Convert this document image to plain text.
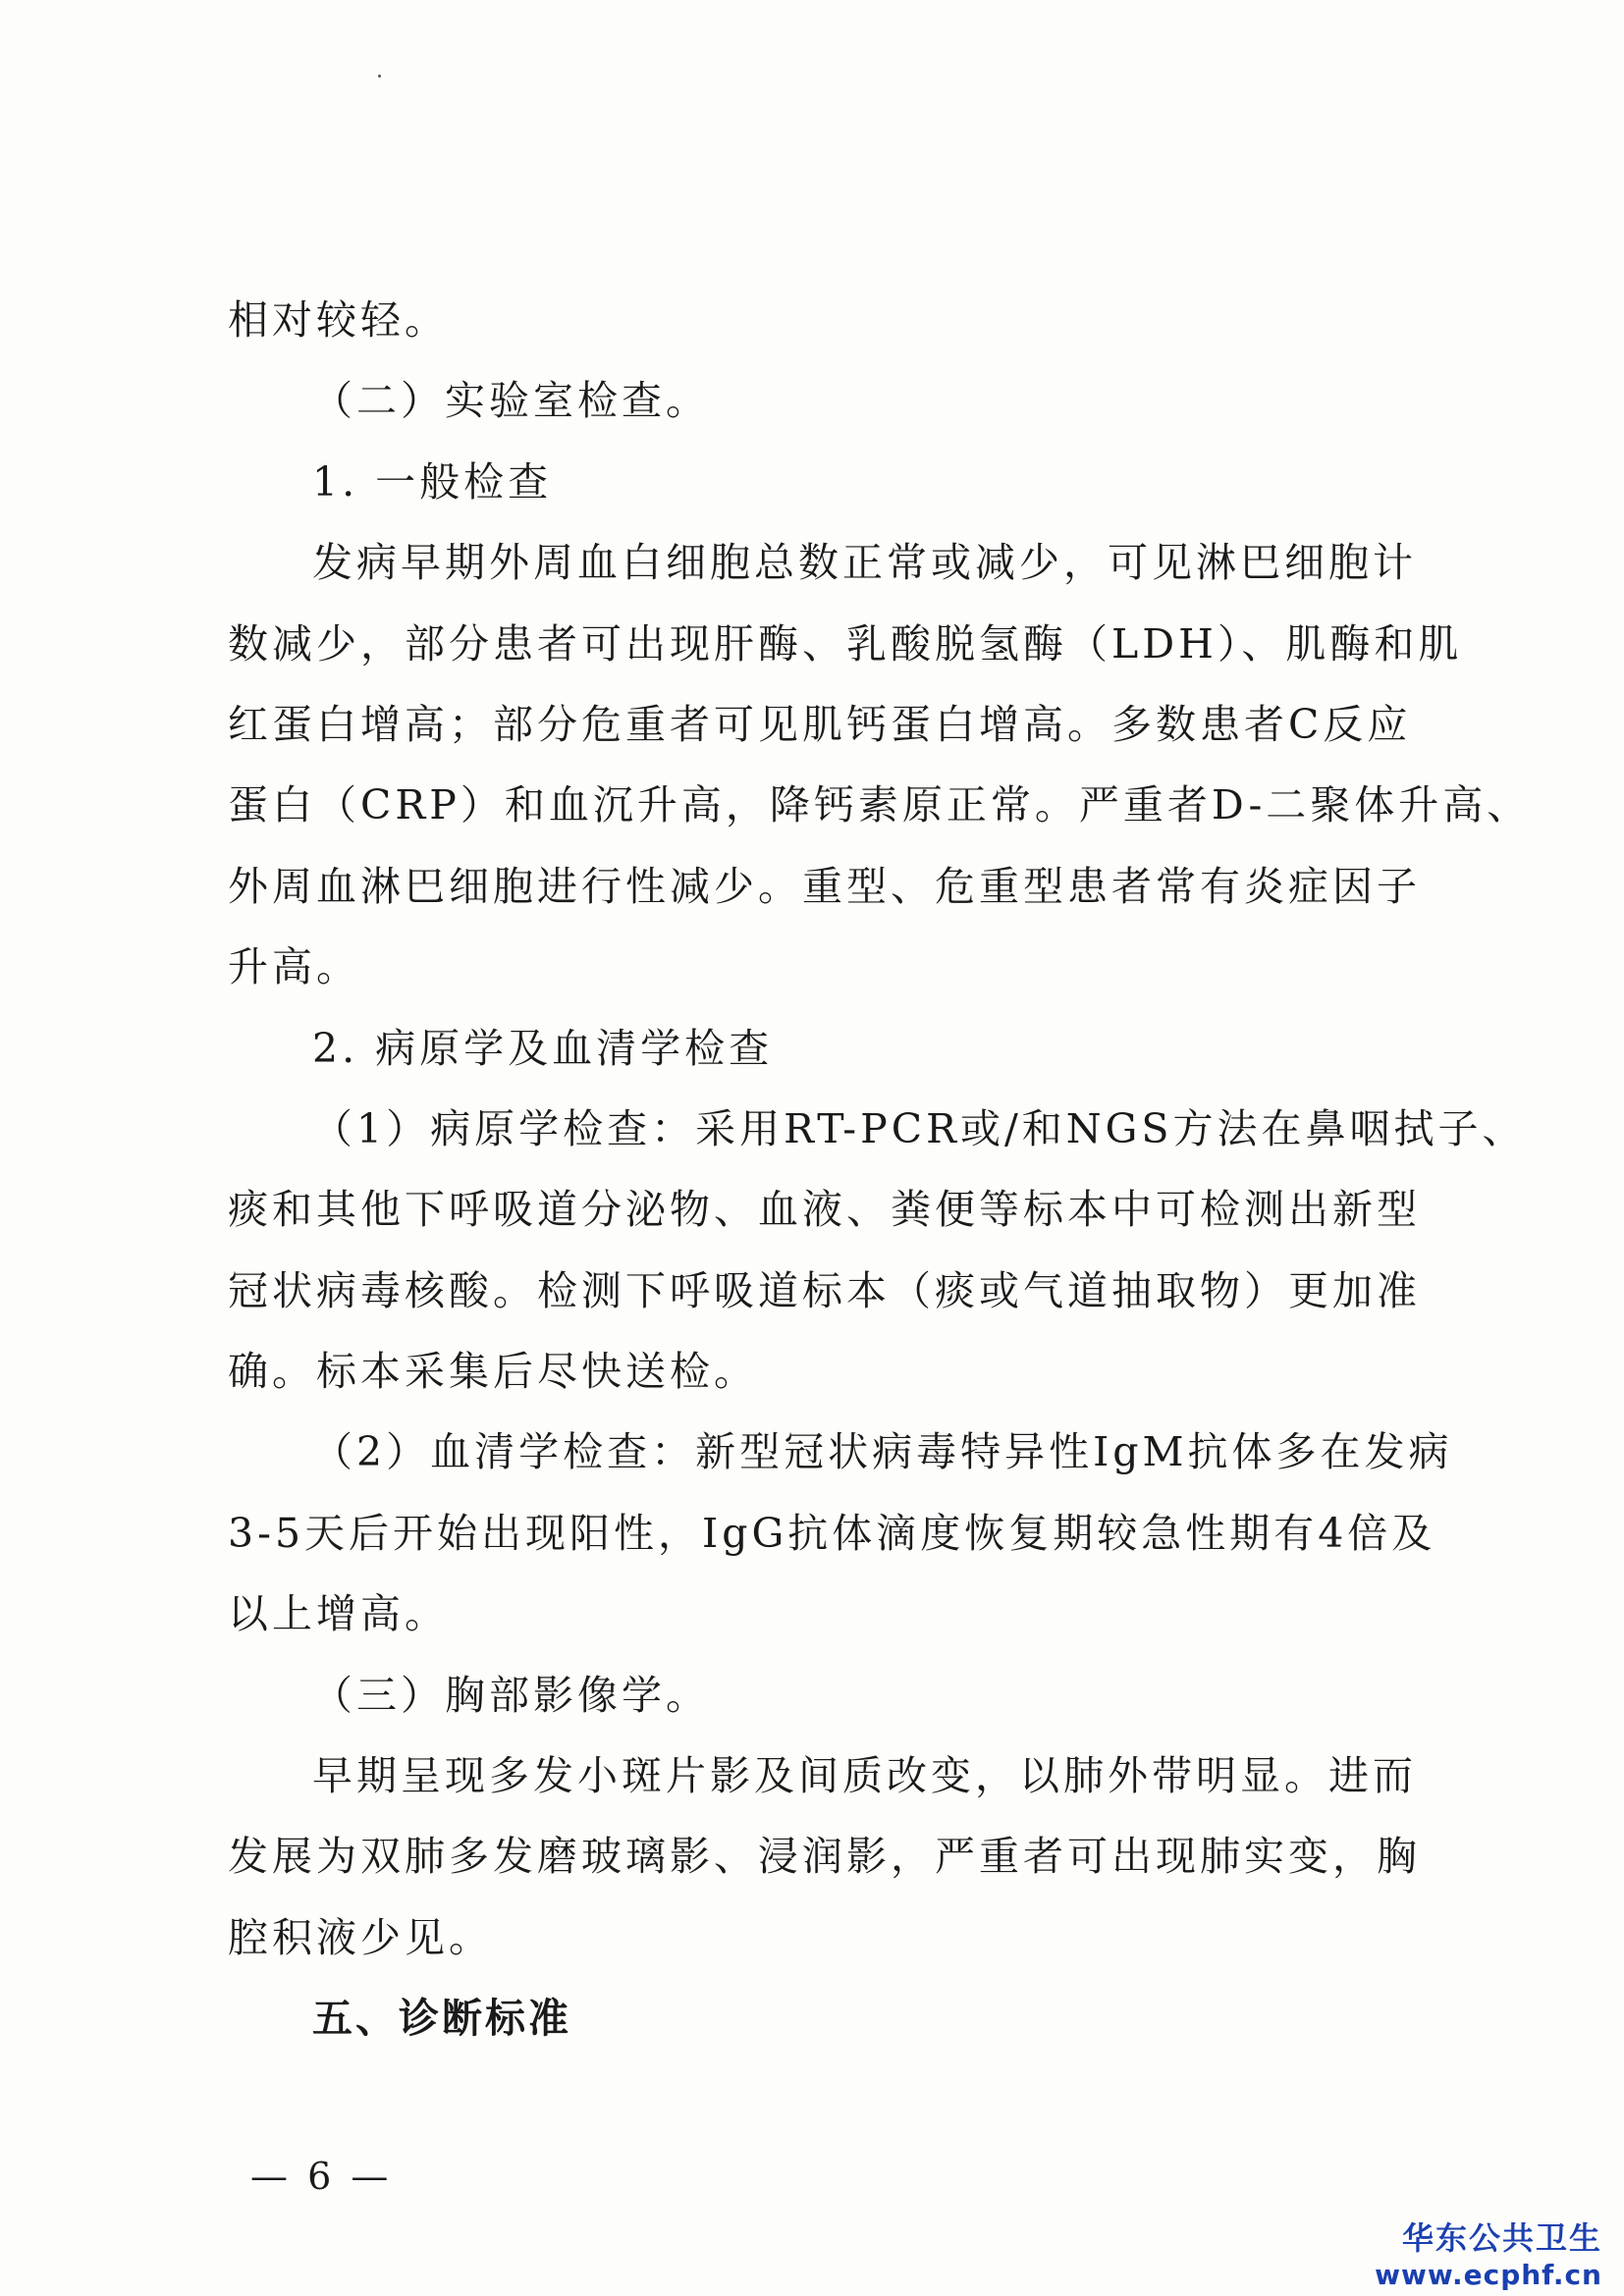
相对较轻。
（二）实验室检查。
1. 一般检查
发病早期外周血白细胞总数正常或减少，可见淋巴细胞计
数减少，部分患者可出现肝酶、乳酸脱氢酶（LDH）、肌酶和肌
红蛋白增高；部分危重者可见肌钙蛋白增高。多数患者C反应
蛋白（CRP）和血沉升高，降钙素原正常。严重者D-二聚体升高、
外周血淋巴细胞进行性减少。重型、危重型患者常有炎症因子
升高。
2. 病原学及血清学检查
（1）病原学检查：采用RT-PCR或/和NGS方法在鼻咽拭子、
痰和其他下呼吸道分泌物、血液、粪便等标本中可检测出新型
冠状病毒核酸。检测下呼吸道标本（痰或气道抽取物）更加准
确。标本采集后尽快送检。
（2）血清学检查：新型冠状病毒特异性IgM抗体多在发病
3-5天后开始出现阳性，IgG抗体滴度恢复期较急性期有4倍及
以上增高。
（三）胸部影像学。
早期呈现多发小斑片影及间质改变，以肺外带明显。进而
发展为双肺多发磨玻璃影、浸润影，严重者可出现肺实变，胸
腔积液少见。
五、诊断标准
— 6 —
华东公共卫生
www.ecphf.cn
